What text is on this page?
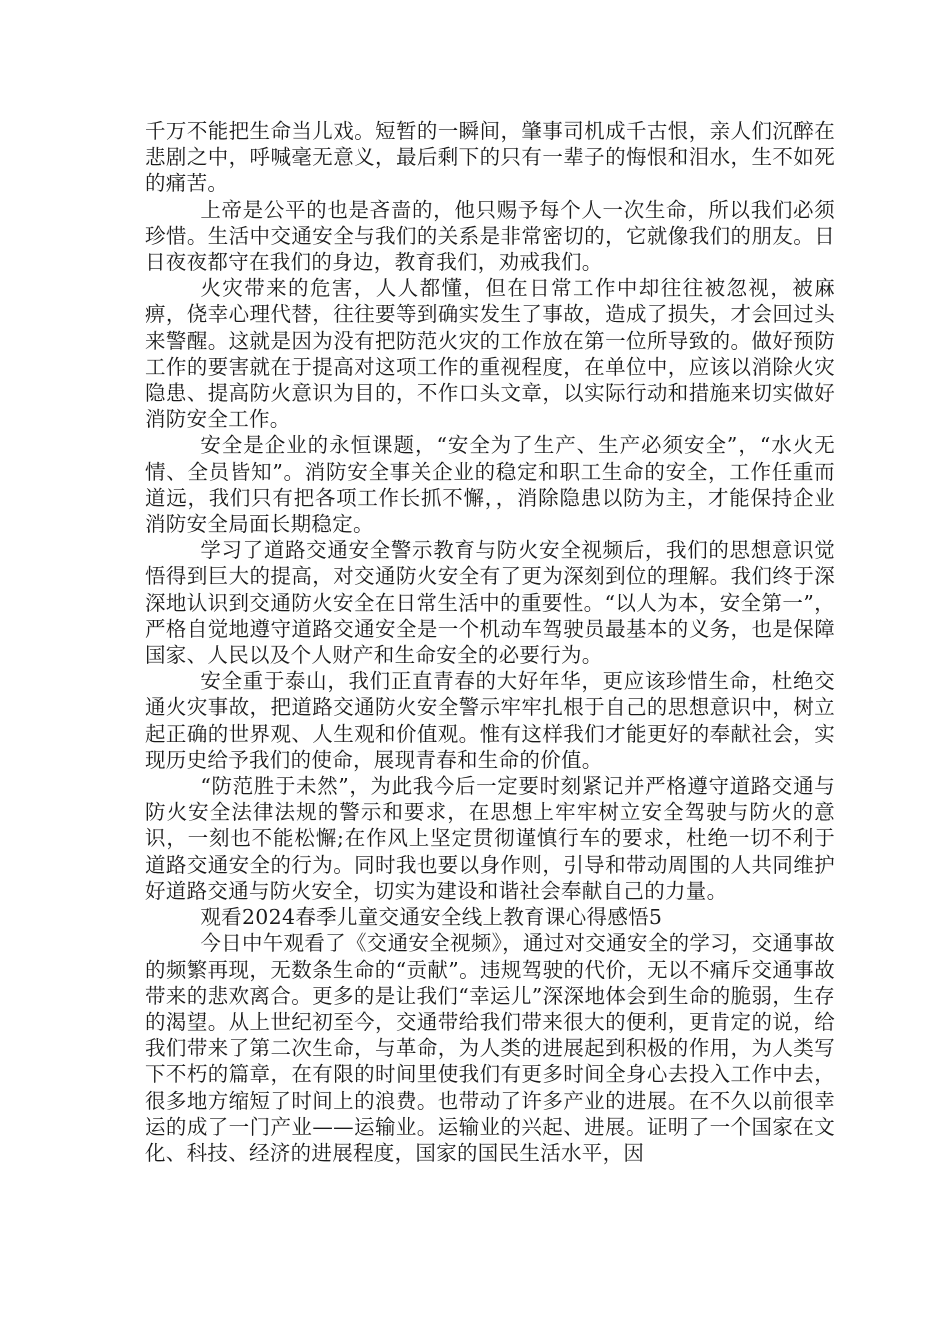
千万不能把生命当儿戏。短暂的一瞬间，肇事司机成千古恨，亲人们沉醉在悲剧之中，呼喊毫无意义，最后剩下的只有一辈子的悔恨和泪水，生不如死的痛苦。

上帝是公平的也是吝啬的，他只赐予每个人一次生命，所以我们必须珍惜。生活中交通安全与我们的关系是非常密切的，它就像我们的朋友。日日夜夜都守在我们的身边，教育我们，劝戒我们。

火灾带来的危害，人人都懂，但在日常工作中却往往被忽视，被麻痹，侥幸心理代替，往往要等到确实发生了事故，造成了损失，才会回过头来警醒。这就是因为没有把防范火灾的工作放在第一位所导致的。做好预防工作的要害就在于提高对这项工作的重视程度，在单位中，应该以消除火灾隐患、提高防火意识为目的，不作口头文章，以实际行动和措施来切实做好消防安全工作。

安全是企业的永恒课题，“安全为了生产、生产必须安全”，“水火无情、全员皆知”。消防安全事关企业的稳定和职工生命的安全，工作任重而道远，我们只有把各项工作长抓不懈，，消除隐患以防为主，才能保持企业消防安全局面长期稳定。

学习了道路交通安全警示教育与防火安全视频后，我们的思想意识觉悟得到巨大的提高，对交通防火安全有了更为深刻到位的理解。我们终于深深地认识到交通防火安全在日常生活中的重要性。“以人为本，安全第一”，严格自觉地遵守道路交通安全是一个机动车驾驶员最基本的义务，也是保障国家、人民以及个人财产和生命安全的必要行为。

安全重于泰山，我们正直青春的大好年华，更应该珍惜生命，杜绝交通火灾事故，把道路交通防火安全警示牢牢扎根于自己的思想意识中，树立起正确的世界观、人生观和价值观。惟有这样我们才能更好的奉献社会，实现历史给予我们的使命，展现青春和生命的价值。

“防范胜于未然”，为此我今后一定要时刻紧记并严格遵守道路交通与防火安全法律法规的警示和要求，在思想上牢牢树立安全驾驶与防火的意识，一刻也不能松懈;在作风上坚定贯彻谨慎行车的要求，杜绝一切不利于道路交通安全的行为。同时我也要以身作则，引导和带动周围的人共同维护好道路交通与防火安全，切实为建设和谐社会奉献自己的力量。

观看2024春季儿童交通安全线上教育课心得感悟5

今日中午观看了《交通安全视频》，通过对交通安全的学习，交通事故的频繁再现，无数条生命的“贡献”。违规驾驶的代价，无以不痛斥交通事故带来的悲欢离合。更多的是让我们“幸运儿”深深地体会到生命的脆弱，生存的渴望。从上世纪初至今，交通带给我们带来很大的便利，更肯定的说，给我们带来了第二次生命，与革命，为人类的进展起到积极的作用，为人类写下不朽的篇章，在有限的时间里使我们有更多时间全身心去投入工作中去，很多地方缩短了时间上的浪费。也带动了许多产业的进展。在不久以前很幸运的成了一门产业——运输业。运输业的兴起、进展。证明了一个国家在文化、科技、经济的进展程度，国家的国民生活水平，因
